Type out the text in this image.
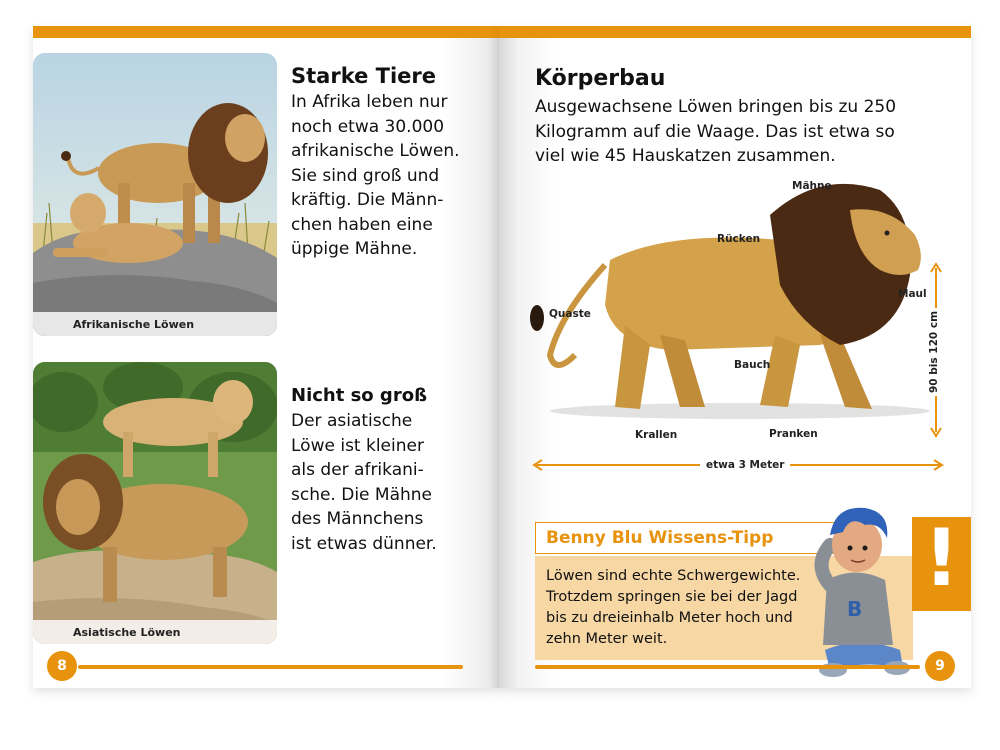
Afrikanische Löwen
Asiatische Löwen
Starke Tiere
In Afrika leben nur
noch etwa 30.000
afrikanische Löwen.
Sie sind groß und
kräftig. Die Männ-
chen haben eine
üppige Mähne.
Nicht so groß
Der asiatische
Löwe ist kleiner
als der afrikani-
sche. Die Mähne
des Männchens
ist etwas dünner.
8
Körperbau
Ausgewachsene Löwen bringen bis zu 250
Kilogramm auf die Waage. Das ist etwa so
viel wie 45 Hauskatzen zusammen.
Mähne
Rücken
Quaste
Maul
Bauch
Krallen	Pranken
90 bis 120 cm
etwa 3 Meter
Benny Blu Wissens-Tipp
Löwen sind echte Schwergewichte.
Trotzdem springen sie bei der Jagd
bis zu dreieinhalb Meter hoch und
zehn Meter weit.
!
B
9
